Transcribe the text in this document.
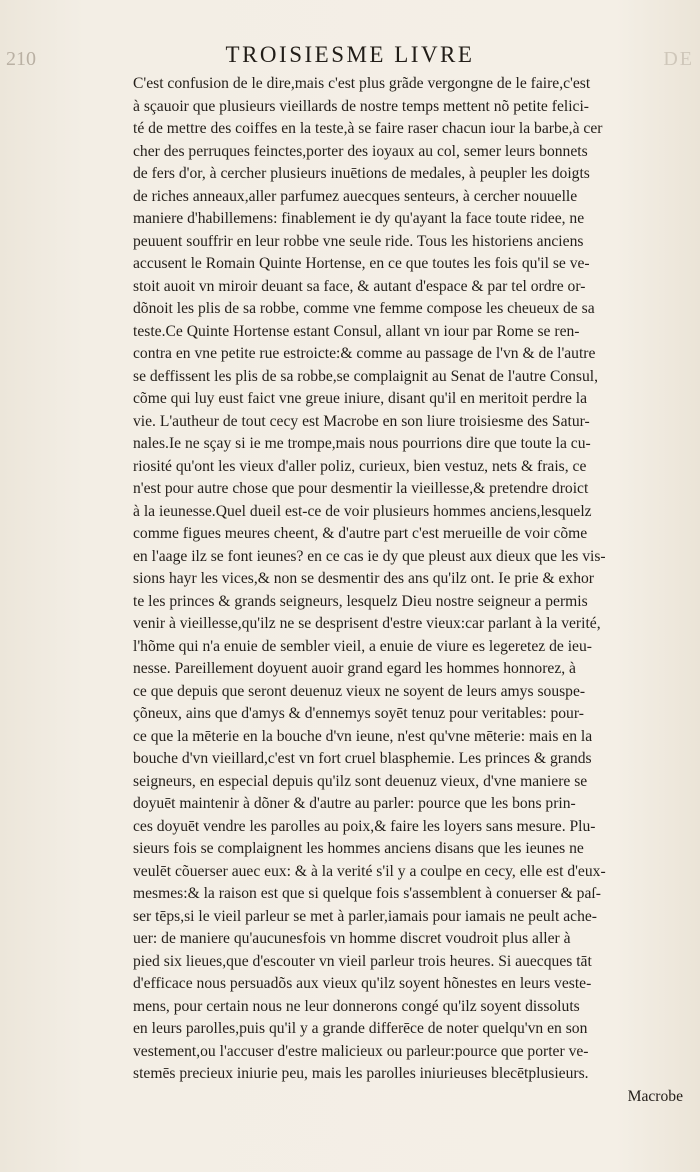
210	TROISIESME LIVRE	DE
C'est confusion de le dire,mais c'est plus grãde vergongne de le faire,c'est
à sçauoir que plusieurs vieillards de nostre temps mettent nõ petite felici-
té de mettre des coiffes en la teste,à se faire raser chacun iour la barbe,à cer
cher des perruques feinctes,porter des ioyaux au col, semer leurs bonnets
de fers d'or, à cercher plusieurs inuētions de medales, à peupler les doigts
de riches anneaux,aller parfumez auecques senteurs, à cercher nouuelle
maniere d'habillemens: finablement ie dy qu'ayant la face toute ridee, ne
peuuent souffrir en leur robbe vne seule ride. Tous les historiens anciens
accusent le Romain Quinte Hortense, en ce que toutes les fois qu'il se ve-
stoit auoit vn miroir deuant sa face, & autant d'espace & par tel ordre or-
dõnoit les plis de sa robbe, comme vne femme compose les cheueux de sa
teste.Ce Quinte Hortense estant Consul, allant vn iour par Rome se ren-
contra en vne petite rue estroicte:& comme au passage de l'vn & de l'autre
se deffissent les plis de sa robbe,se complaignit au Senat de l'autre Consul,
cõme qui luy eust faict vne greue iniure, disant qu'il en meritoit perdre la
vie. L'autheur de tout cecy est Macrobe en son liure troisiesme des Satur-
nales.Ie ne sçay si ie me trompe,mais nous pourrions dire que toute la cu-
riosité qu'ont les vieux d'aller poliz, curieux, bien vestuz, nets & frais, ce
n'est pour autre chose que pour desmentir la vieillesse,& pretendre droict
à la ieunesse.Quel dueil est-ce de voir plusieurs hommes anciens,lesquelz
comme figues meures cheent, & d'autre part c'est merueille de voir cõme
en l'aage ilz se font ieunes? en ce cas ie dy que pleust aux dieux que les vis-
sions hayr les vices,& non se desmentir des ans qu'ilz ont. Ie prie & exhor
te les princes & grands seigneurs, lesquelz Dieu nostre seigneur a permis
venir à vieillesse,qu'ilz ne se desprisent d'estre vieux:car parlant à la verité,
l'hõme qui n'a enuie de sembler vieil, a enuie de viure es legeretez de ieu-
nesse. Pareillement doyuent auoir grand egard les hommes honnorez, à
ce que depuis que seront deuenuz vieux ne soyent de leurs amys souspe-
çõneux, ains que d'amys & d'ennemys soyēt tenuz pour veritables: pour-
ce que la mēterie en la bouche d'vn ieune, n'est qu'vne mēterie: mais en la
bouche d'vn vieillard,c'est vn fort cruel blasphemie. Les princes & grands
seigneurs, en especial depuis qu'ilz sont deuenuz vieux, d'vne maniere se
doyuēt maintenir à dõner & d'autre au parler: pource que les bons prin-
ces doyuēt vendre les parolles au poix,& faire les loyers sans mesure. Plu-
sieurs fois se complaignent les hommes anciens disans que les ieunes ne
veulēt cõuerser auec eux: & à la verité s'il y a coulpe en cecy, elle est d'eux-
mesmes:& la raison est que si quelque fois s'assemblent à conuerser & paſ-
ser tēps,si le vieil parleur se met à parler,iamais pour iamais ne peult ache-
uer: de maniere qu'aucunesfois vn homme discret voudroit plus aller à
pied six lieues,que d'escouter vn vieil parleur trois heures. Si auecques tāt
d'efficace nous persuadõs aux vieux qu'ilz soyent hõnestes en leurs veste-
mens, pour certain nous ne leur donnerons congé qu'ilz soyent dissoluts
en leurs parolles,puis qu'il y a grande differēce de noter quelqu'vn en son
vestement,ou l'accuser d'estre malicieux ou parleur:pource que porter ve-
stemēs precieux iniurie peu, mais les parolles iniurieuses blecētplusieurs.
Macrobe
